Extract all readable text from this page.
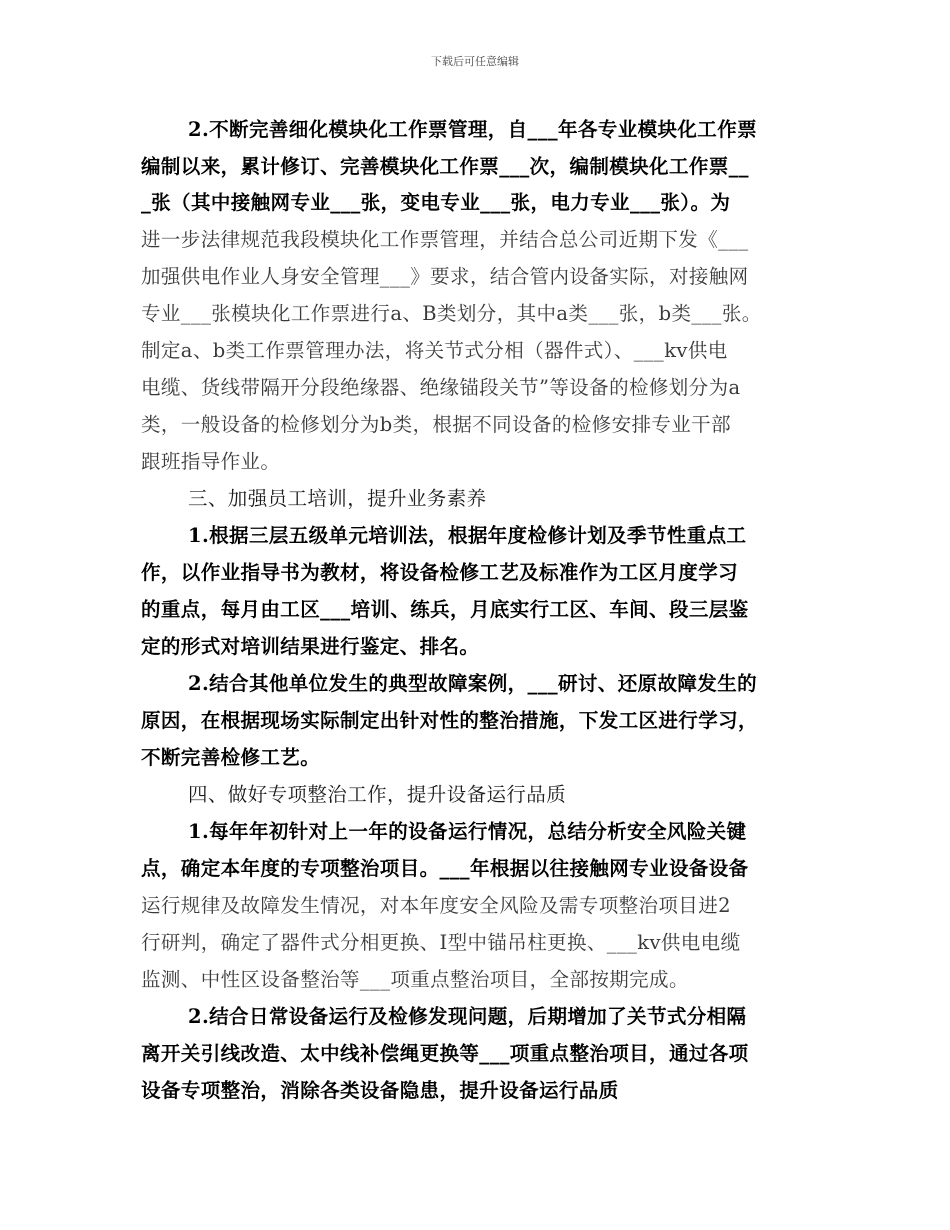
下载后可任意编辑
2.不断完善细化模块化工作票管理，自___年各专业模块化工作票
编制以来，累计修订、完善模块化工作票___次，编制模块化工作票__
_张（其中接触网专业___张，变电专业___张，电力专业___张）。为
进一步法律规范我段模块化工作票管理，并结合总公司近期下发《___
加强供电作业人身安全管理___》要求，结合管内设备实际，对接触网
专业___张模块化工作票进行a、B类划分，其中a类___张，b类___张。
制定a、b类工作票管理办法，将关节式分相（器件式）、___kv供电
电缆、货线带隔开分段绝缘器、绝缘锚段关节”等设备的检修划分为a
类，一般设备的检修划分为b类，根据不同设备的检修安排专业干部
跟班指导作业。
三、加强员工培训，提升业务素养
1.根据三层五级单元培训法，根据年度检修计划及季节性重点工
作，以作业指导书为教材，将设备检修工艺及标准作为工区月度学习
的重点，每月由工区___培训、练兵，月底实行工区、车间、段三层鉴
定的形式对培训结果进行鉴定、排名。
2.结合其他单位发生的典型故障案例，___研讨、还原故障发生的
原因，在根据现场实际制定出针对性的整治措施，下发工区进行学习，
不断完善检修工艺。
四、做好专项整治工作，提升设备运行品质
1.每年年初针对上一年的设备运行情况，总结分析安全风险关键
点，确定本年度的专项整治项目。___年根据以往接触网专业设备设备
运行规律及故障发生情况，对本年度安全风险及需专项整治项目进2
行研判，确定了器件式分相更换、Ⅰ型中锚吊柱更换、___kv供电电缆
监测、中性区设备整治等___项重点整治项目，全部按期完成。
2.结合日常设备运行及检修发现问题，后期增加了关节式分相隔
离开关引线改造、太中线补偿绳更换等___项重点整治项目，通过各项
设备专项整治，消除各类设备隐患，提升设备运行品质
